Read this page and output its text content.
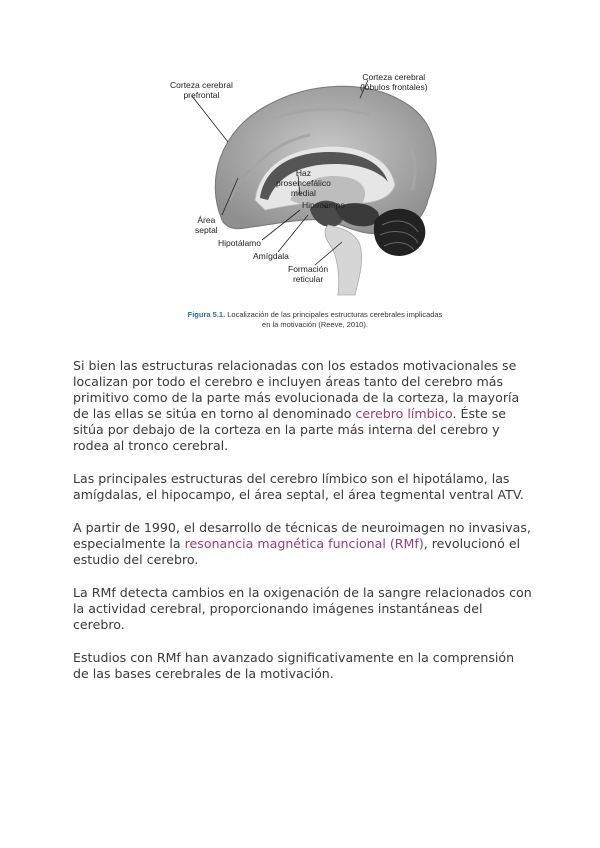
Corteza cerebral
prefrontal
Corteza cerebral
(lóbulos frontales)
Haz
prosencefálico
medial
Hipocampo
Área
septal
Hipotálamo
Amígdala
Formación
reticular
Figura 5.1. Localización de las principales estructuras cerebrales implicadas
en la motivación (Reeve, 2010).

Si bien las estructuras relacionadas con los estados motivacionales se localizan por todo el cerebro e incluyen áreas tanto del cerebro más primitivo como de la parte más evolucionada de la corteza, la mayoría de las ellas se sitúa en torno al denominado cerebro límbico. Éste se sitúa por debajo de la corteza en la parte más interna del cerebro y rodea al tronco cerebral.

Las principales estructuras del cerebro límbico son el hipotálamo, las amígdalas, el hipocampo, el área septal, el área tegmental ventral ATV.

A partir de 1990, el desarrollo de técnicas de neuroimagen no invasivas, especialmente la resonancia magnética funcional (RMf), revolucionó el estudio del cerebro.

La RMf detecta cambios en la oxigenación de la sangre relacionados con la actividad cerebral, proporcionando imágenes instantáneas del cerebro.

Estudios con RMf han avanzado significativamente en la comprensión de las bases cerebrales de la motivación.
